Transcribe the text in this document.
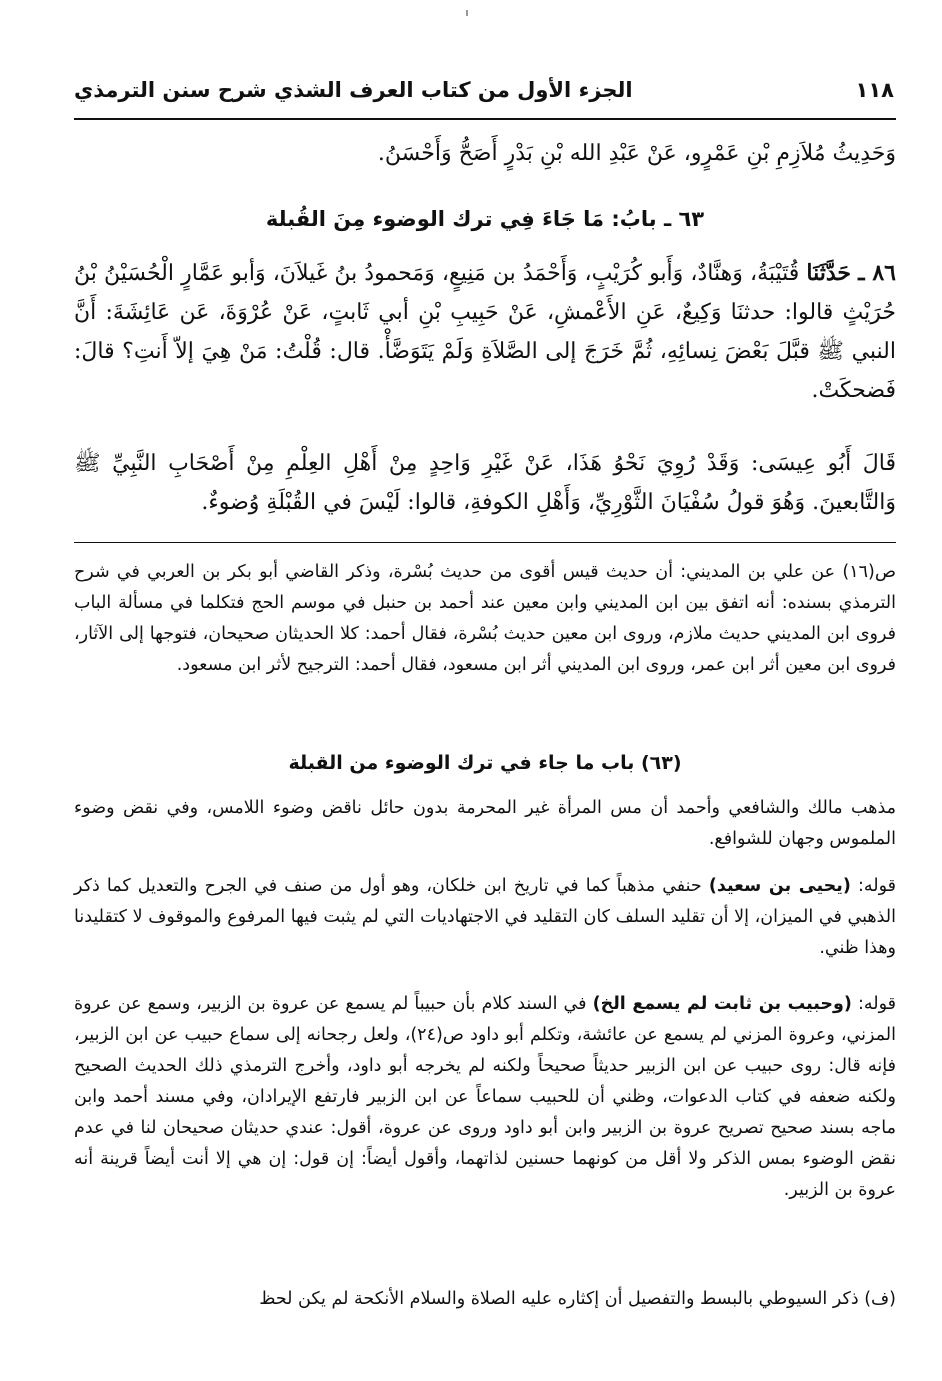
١١٨
الجزء الأول من كتاب العرف الشذي شرح سنن الترمذي
وَحَدِيثُ مُلاَزِمِ بْنِ عَمْرٍو، عَنْ عَبْدِ الله بْنِ بَدْرٍ أَصَحُّ وَأَحْسَنُ.
٦٣ ـ بابُ: مَا جَاءَ فِي ترك الوضوء مِنَ القُبلة
٨٦ ـ حَدَّثَنَا قُتَيْبَةُ، وَهنَّادٌ، وَأَبو كُرَيْبٍ، وَأَحْمَدُ بن مَنِيعٍ، وَمَحمودُ بنُ غَيلاَنَ، وَأبو عَمَّارٍ الْحُسَيْنُ بْنُ حُرَيْثٍ قالوا: حدثنَا وَكِيعٌ، عَنِ الأَعْمشِ، عَنْ حَبِيبِ بْنِ أبي ثَابتٍ، عَنْ عُرْوَةَ، عَن عَائِشَةَ: أَنَّ النبي ﷺ قبَّلَ بَعْضَ نِسائِهِ، ثُمَّ خَرَجَ إلى الصَّلاَةِ وَلَمْ يَتَوَضَّأْ. قال: قُلْتُ: مَنْ هِيَ إلاّ أَنتِ؟ قالَ: فَضحكَتْ.
قَالَ أَبُو عِيسَى: وَقَدْ رُوِيَ نَحْوُ هَذَا، عَنْ غَيْرِ وَاحِدٍ مِنْ أَهْلِ العِلْمِ مِنْ أَصْحَابِ النَّبِيِّ ﷺ وَالتَّابعينَ. وَهُوَ قولُ سُفْيَانَ الثَّوْرِيِّ، وَأَهْلِ الكوفةِ، قالوا: لَيْسَ في القُبْلَةِ وُضوءٌ.
ص(١٦) عن علي بن المديني: أن حديث قيس أقوى من حديث بُسْرة، وذكر القاضي أبو بكر بن العربي في شرح الترمذي بسنده: أنه اتفق بين ابن المديني وابن معين عند أحمد بن حنبل في موسم الحج فتكلما في مسألة الباب فروى ابن المديني حديث ملازم، وروى ابن معين حديث بُسْرة، فقال أحمد: كلا الحديثان صحيحان، فتوجها إلى الآثار، فروى ابن معين أثر ابن عمر، وروى ابن المديني أثر ابن مسعود، فقال أحمد: الترجيح لأثر ابن مسعود.
(٦٣) باب ما جاء في ترك الوضوء من القبلة
مذهب مالك والشافعي وأحمد أن مس المرأة غير المحرمة بدون حائل ناقض وضوء اللامس، وفي نقض وضوء الملموس وجهان للشوافع.
قوله: (يحيى بن سعيد) حنفي مذهباً كما في تاريخ ابن خلكان، وهو أول من صنف في الجرح والتعديل كما ذكر الذهبي في الميزان، إلا أن تقليد السلف كان التقليد في الاجتهاديات التي لم يثبت فيها المرفوع والموقوف لا كتقليدنا وهذا ظني.
قوله: (وحبيب بن ثابت لم يسمع الخ) في السند كلام بأن حبيباً لم يسمع عن عروة بن الزبير، وسمع عن عروة المزني، وعروة المزني لم يسمع عن عائشة، وتكلم أبو داود ص(٢٤)، ولعل رجحانه إلى سماع حبيب عن ابن الزبير، فإنه قال: روى حبيب عن ابن الزبير حديثاً صحيحاً ولكنه لم يخرجه أبو داود، وأخرج الترمذي ذلك الحديث الصحيح ولكنه ضعفه في كتاب الدعوات، وظني أن للحبيب سماعاً عن ابن الزبير فارتفع الإيرادان، وفي مسند أحمد وابن ماجه بسند صحيح تصريح عروة بن الزبير وابن أبو داود وروى عن عروة، أقول: عندي حديثان صحيحان لنا في عدم نقض الوضوء بمس الذكر ولا أقل من كونهما حسنين لذاتهما، وأقول أيضاً: إن قول: إن هي إلا أنت أيضاً قرينة أنه عروة بن الزبير.
(ف) ذكر السيوطي بالبسط والتفصيل أن إكثاره عليه الصلاة والسلام الأنكحة لم يكن لحظ
